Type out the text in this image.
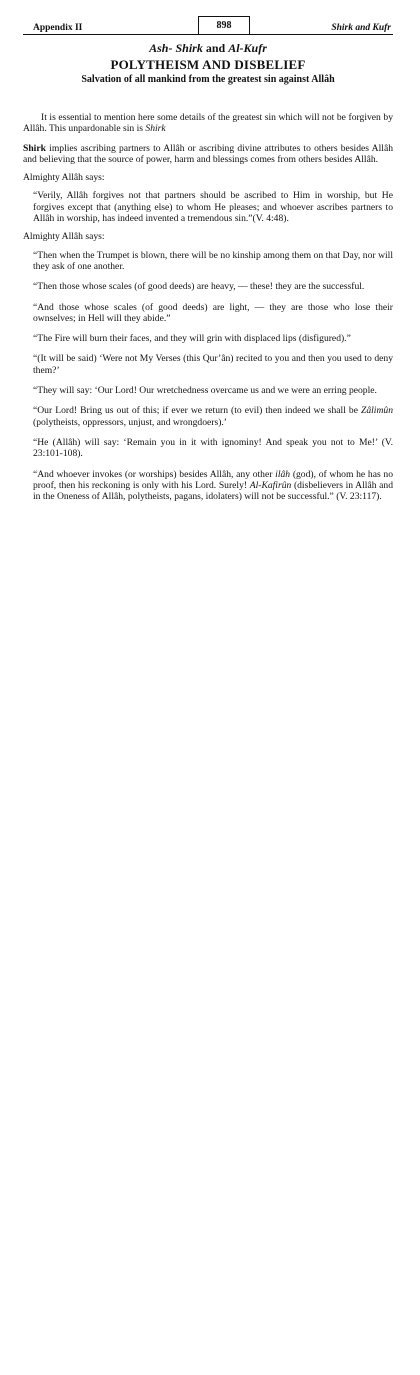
Appendix II	898	Shirk and Kufr
Ash- Shirk and Al-Kufr
POLYTHEISM AND DISBELIEF
Salvation of all mankind from the greatest sin against Allâh

It is essential to mention here some details of the greatest sin which will not be forgiven by Allâh. This unpardonable sin is Shirk

Shirk implies ascribing partners to Allâh or ascribing divine attributes to others besides Allâh and believing that the source of power, harm and blessings comes from others besides Allâh.

Almighty Allâh says:

“Verily, Allâh forgives not that partners should be ascribed to Him in worship, but He forgives except that (anything else) to whom He pleases; and whoever ascribes partners to Allâh in worship, has indeed invented a tremendous sin.”(V. 4:48).

Almighty Allâh says:

“Then when the Trumpet is blown, there will be no kinship among them on that Day, nor will they ask of one another.

“Then those whose scales (of good deeds) are heavy, — these! they are the successful.

“And those whose scales (of good deeds) are light, — they are those who lose their ownselves; in Hell will they abide.”

“The Fire will burn their faces, and they will grin with displaced lips (disfigured).”

“(It will be said) ‘Were not My Verses (this Qur’ân) recited to you and then you used to deny them?’

“They will say: ‘Our Lord! Our wretchedness overcame us and we were an erring people.

“Our Lord! Bring us out of this; if ever we return (to evil) then indeed we shall be Zâlimûn (polytheists, oppressors, unjust, and wrongdoers).’

“He (Allâh) will say: ‘Remain you in it with ignominy! And speak you not to Me!’ (V. 23:101-108).

“And whoever invokes (or worships) besides Allâh, any other ilâh (god), of whom he has no proof, then his reckoning is only with his Lord. Surely! Al-Kafirûn (disbelievers in Allâh and in the Oneness of Allâh, polytheists, pagans, idolaters) will not be successful.” (V. 23:117).
